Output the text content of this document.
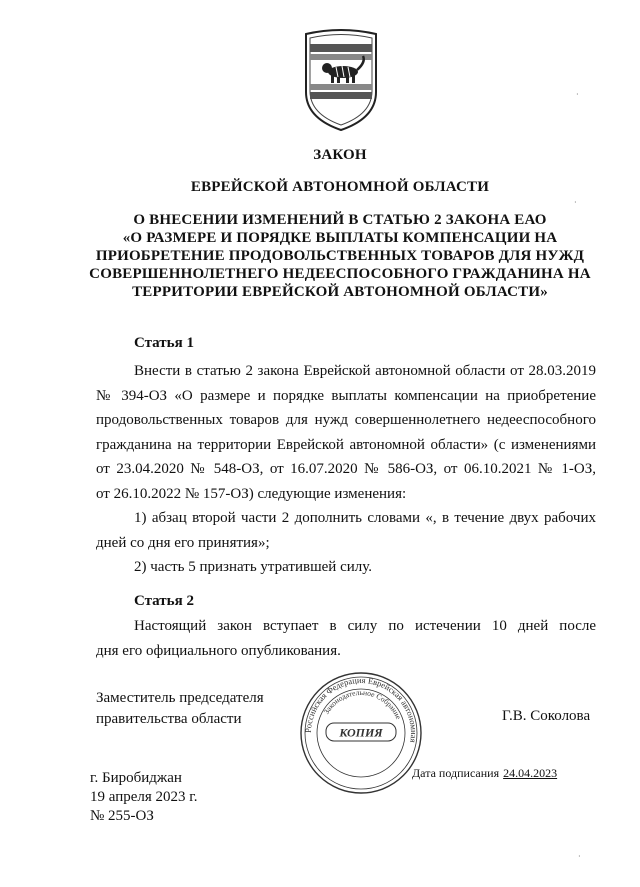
ЗАКОН
ЕВРЕЙСКОЙ АВТОНОМНОЙ ОБЛАСТИ
О ВНЕСЕНИИ ИЗМЕНЕНИЙ В СТАТЬЮ 2 ЗАКОНА ЕАО
«О РАЗМЕРЕ И ПОРЯДКЕ ВЫПЛАТЫ КОМПЕНСАЦИИ НА
ПРИОБРЕТЕНИЕ ПРОДОВОЛЬСТВЕННЫХ ТОВАРОВ ДЛЯ НУЖД
СОВЕРШЕННОЛЕТНЕГО НЕДЕЕСПОСОБНОГО ГРАЖДАНИНА НА
ТЕРРИТОРИИ ЕВРЕЙСКОЙ АВТОНОМНОЙ ОБЛАСТИ»
Статья 1
Внести в статью 2 закона Еврейской автономной области от 28.03.2019
№ 394-ОЗ «О размере и порядке выплаты компенсации на приобретение
продовольственных товаров для нужд совершеннолетнего недееспособного
гражданина на территории Еврейской автономной области» (с изменениями
от 23.04.2020 № 548-ОЗ, от 16.07.2020 № 586-ОЗ, от 06.10.2021 № 1-ОЗ,
от 26.10.2022 № 157-ОЗ) следующие изменения:
1) абзац второй части 2 дополнить словами «, в течение двух рабочих
дней со дня его принятия»;
2) часть 5 признать утратившей силу.
Статья 2
Настоящий закон вступает в силу по истечении 10 дней после
дня его официального опубликования.
Российская Федерация Еврейская автономная
Законодательное Собрание
КОПИЯ
Заместитель председателя
правительства области	Г.В. Соколова
г. Биробиджан
19 апреля 2023 г.
№ 255-ОЗ
Дата подписания 24.04.2023
·
·
·
